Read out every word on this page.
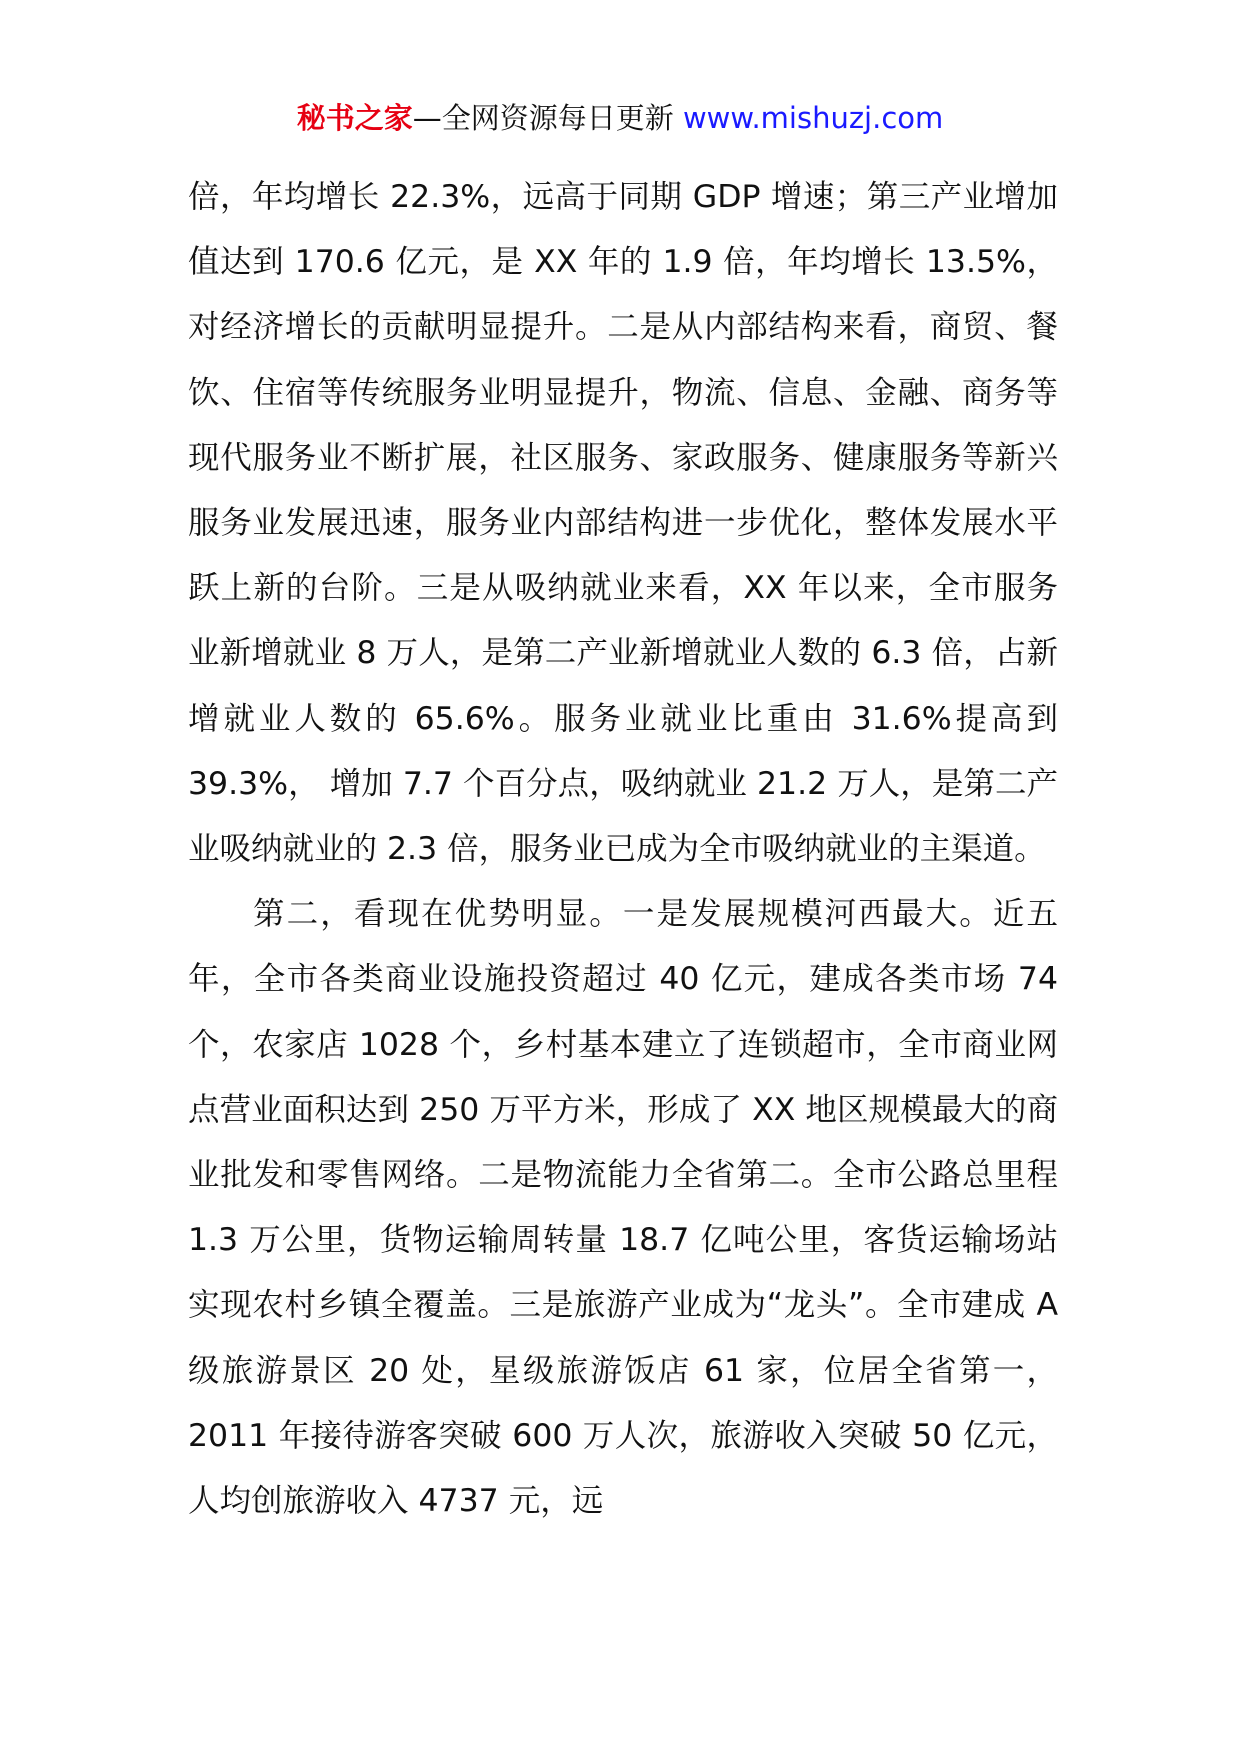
秘书之家—全网资源每日更新 www.mishuzj.com

倍，年均增长 22.3%，远高于同期 GDP 增速；第三产业增加值达到 170.6 亿元，是 XX 年的 1.9 倍，年均增长 13.5%，对经济增长的贡献明显提升。二是从内部结构来看，商贸、餐饮、住宿等传统服务业明显提升，物流、信息、金融、商务等现代服务业不断扩展，社区服务、家政服务、健康服务等新兴服务业发展迅速，服务业内部结构进一步优化，整体发展水平跃上新的台阶。三是从吸纳就业来看，XX 年以来，全市服务业新增就业 8 万人，是第二产业新增就业人数的 6.3 倍，占新增就业人数的 65.6%。服务业就业比重由 31.6%提高到 39.3%， 增加 7.7 个百分点，吸纳就业 21.2 万人，是第二产业吸纳就业的 2.3 倍，服务业已成为全市吸纳就业的主渠道。

第二，看现在优势明显。一是发展规模河西最大。近五年，全市各类商业设施投资超过 40 亿元，建成各类市场 74 个，农家店 1028 个，乡村基本建立了连锁超市，全市商业网点营业面积达到 250 万平方米，形成了 XX 地区规模最大的商业批发和零售网络。二是物流能力全省第二。全市公路总里程 1.3 万公里，货物运输周转量 18.7 亿吨公里，客货运输场站实现农村乡镇全覆盖。三是旅游产业成为“龙头”。全市建成 A 级旅游景区 20 处，星级旅游饭店 61 家，位居全省第一，2011 年接待游客突破 600 万人次，旅游收入突破 50 亿元，人均创旅游收入 4737 元，远
